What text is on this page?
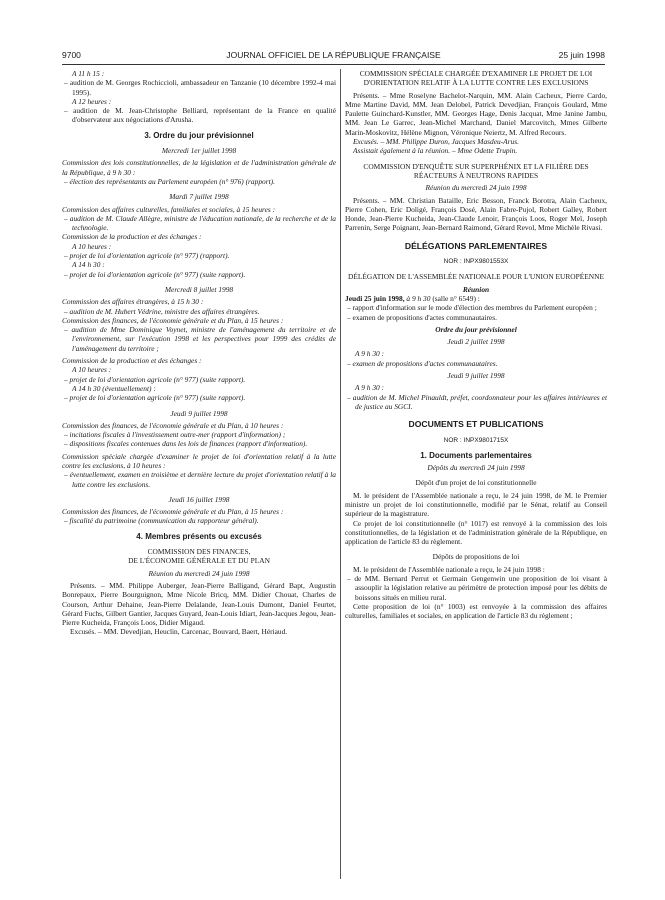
9700	JOURNAL OFFICIEL DE LA RÉPUBLIQUE FRANÇAISE	25 juin 1998

A 11 h 15 :

– audition de M. Georges Rochiccioli, ambassadeur en Tanzanie (10 décembre 1992-4 mai 1995).

A 12 heures :

– audition de M. Jean-Christophe Belliard, représentant de la France en qualité d'observateur aux négociations d'Arusha.

3. Ordre du jour prévisionnel

Mercredi 1er juillet 1998

Commission des lois constitutionnelles, de la législation et de l'administration générale de la République, à 9 h 30 :

– élection des représentants au Parlement européen (n° 976) (rapport).

Mardi 7 juillet 1998

Commission des affaires culturelles, familiales et sociales, à 15 heures :

– audition de M. Claude Allègre, ministre de l'éducation nationale, de la recherche et de la technologie.

Commission de la production et des échanges :

A 10 heures :

– projet de loi d'orientation agricole (n° 977) (rapport).

A 14 h 30 :

– projet de loi d'orientation agricole (n° 977) (suite rapport).

Mercredi 8 juillet 1998

Commission des affaires étrangères, à 15 h 30 :

– audition de M. Hubert Védrine, ministre des affaires étrangères.

Commission des finances, de l'économie générale et du Plan, à 15 heures :

– audition de Mme Dominique Voynet, ministre de l'aménagement du territoire et de l'environnement, sur l'exécution 1998 et les perspectives pour 1999 des crédits de l'aménagement du territoire ;

Commission de la production et des échanges :

A 10 heures :

– projet de loi d'orientation agricole (n° 977) (suite rapport).

A 14 h 30 (éventuellement) :

– projet de loi d'orientation agricole (n° 977) (suite rapport).

Jeudi 9 juillet 1998

Commission des finances, de l'économie générale et du Plan, à 10 heures :

– incitations fiscales à l'investissement outre-mer (rapport d'information) ;

– dispositions fiscales contenues dans les lois de finances (rapport d'information).

Commission spéciale chargée d'examiner le projet de loi d'orientation relatif à la lutte contre les exclusions, à 10 heures :

– éventuellement, examen en troisième et dernière lecture du projet d'orientation relatif à la lutte contre les exclusions.

Jeudi 16 juillet 1998

Commission des finances, de l'économie générale et du Plan, à 15 heures :

– fiscalité du patrimoine (communication du rapporteur général).

4. Membres présents ou excusés

COMMISSION DES FINANCES,

DE L'ÉCONOMIE GÉNÉRALE ET DU PLAN

Réunion du mercredi 24 juin 1998

Présents. – MM. Philippe Auberger, Jean-Pierre Balligand, Gérard Bapt, Augustin Bonrepaux, Pierre Bourguignon, Mme Nicole Bricq, MM. Didier Chouat, Charles de Courson, Arthur Dehaine, Jean-Pierre Delalande, Jean-Louis Dumont, Daniel Feurtet, Gérard Fuchs, Gilbert Gantier, Jacques Guyard, Jean-Louis Idiart, Jean-Jacques Jegou, Jean-Pierre Kucheida, François Loos, Didier Migaud.

Excusés. – MM. Devedjian, Heuclin, Carcenac, Bouvard, Baert, Hériaud.

COMMISSION SPÉCIALE CHARGÉE D'EXAMINER LE PROJET DE LOI D'ORIENTATION RELATIF À LA LUTTE CONTRE LES EXCLUSIONS

Présents. – Mme Roselyne Bachelot-Narquin, MM. Alain Cacheux, Pierre Cardo, Mme Martine David, MM. Jean Delobel, Patrick Devedjian, François Goulard, Mme Paulette Guinchard-Kunstler, MM. Georges Hage, Denis Jacquat, Mme Janine Jambu, MM. Jean Le Garrec, Jean-Michel Marchand, Daniel Marcovitch, Mmes Gilberte Marin-Moskovitz, Hélène Mignon, Véronique Neiertz, M. Alfred Recours.

Excusés. – MM. Philippe Duron, Jacques Masdeu-Arus.

Assistait également à la réunion. – Mme Odette Trupin.

COMMISSION D'ENQUÊTE SUR SUPERPHÉNIX ET LA FILIÈRE DES RÉACTEURS À NEUTRONS RAPIDES

Réunion du mercredi 24 juin 1998

Présents. – MM. Christian Bataille, Eric Besson, Franck Borotra, Alain Cacheux, Pierre Cohen, Eric Doligé, François Dosé, Alain Fabre-Pujol, Robert Galley, Robert Honde, Jean-Pierre Kucheida, Jean-Claude Lenoir, François Loos, Roger Meï, Joseph Parrenin, Serge Poignant, Jean-Bernard Raimond, Gérard Revol, Mme Michèle Rivasi.

DÉLÉGATIONS PARLEMENTAIRES

NOR : INPX9801553X

DÉLÉGATION DE L'ASSEMBLÉE NATIONALE POUR L'UNION EUROPÉENNE

Réunion

Jeudi 25 juin 1998, à 9 h 30 (salle n° 6549) :

– rapport d'information sur le mode d'élection des membres du Parlement européen ;

– examen de propositions d'actes communautaires.

Ordre du jour prévisionnel

Jeudi 2 juillet 1998

A 9 h 30 :

– examen de propositions d'actes communautaires.

Jeudi 9 juillet 1998

A 9 h 30 :

– audition de M. Michel Pinauldt, préfet, coordonnateur pour les affaires intérieures et de justice au SGCI.

DOCUMENTS ET PUBLICATIONS

NOR : INPX9801715X

1. Documents parlementaires

Dépôts du mercredi 24 juin 1998

Dépôt d'un projet de loi constitutionnelle

M. le président de l'Assemblée nationale a reçu, le 24 juin 1998, de M. le Premier ministre un projet de loi constitutionnelle, modifié par le Sénat, relatif au Conseil supérieur de la magistrature.

Ce projet de loi constitutionnelle (n° 1017) est renvoyé à la commission des lois constitutionnelles, de la législation et de l'administration générale de la République, en application de l'article 83 du règlement.

Dépôts de propositions de loi

M. le président de l'Assemblée nationale a reçu, le 24 juin 1998 :

– de MM. Bernard Perrut et Germain Gengenwin une proposition de loi visant à assouplir la législation relative au périmètre de protection imposé pour les débits de boissons situés en milieu rural.

Cette proposition de loi (n° 1003) est renvoyée à la commission des affaires culturelles, familiales et sociales, en application de l'article 83 du règlement ;
